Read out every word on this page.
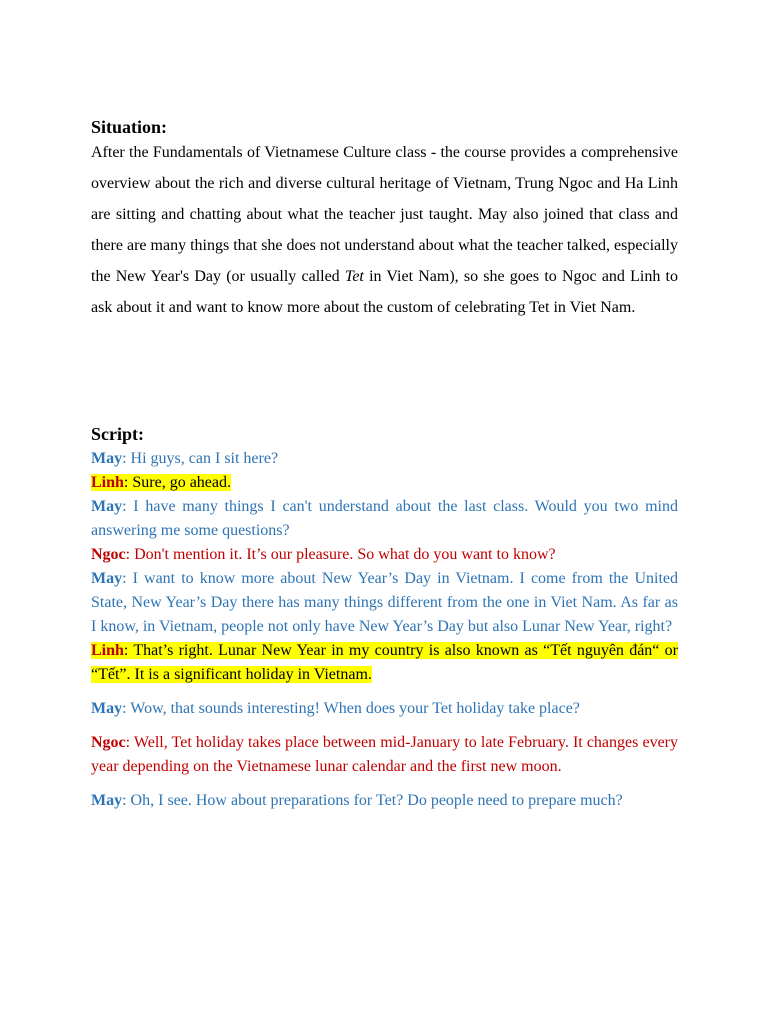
Situation:
After the Fundamentals of Vietnamese Culture class - the course provides a comprehensive overview about the rich and diverse cultural heritage of Vietnam, Trung Ngoc and Ha Linh are sitting and chatting about what the teacher just taught. May also joined that class and there are many things that she does not understand about what the teacher talked, especially the New Year's Day (or usually called Tet in Viet Nam), so she goes to Ngoc and Linh to ask about it and want to know more about the custom of celebrating Tet in Viet Nam.
Script:
May: Hi guys, can I sit here?
Linh: Sure, go ahead.
May: I have many things I can't understand about the last class. Would you two mind answering me some questions?
Ngoc: Don't mention it. It’s our pleasure. So what do you want to know?
May: I want to know more about New Year’s Day in Vietnam. I come from the United State, New Year’s Day there has many things different from the one in Viet Nam. As far as I know, in Vietnam, people not only have New Year’s Day but also Lunar New Year, right?
Linh: That’s right. Lunar New Year in my country is also known as “Tết nguyên đán“ or “Tết”. It is a significant holiday in Vietnam.
May: Wow, that sounds interesting! When does your Tet holiday take place?
Ngoc: Well, Tet holiday takes place between mid-January to late February. It changes every year depending on the Vietnamese lunar calendar and the first new moon.
May: Oh, I see. How about preparations for Tet? Do people need to prepare much?
